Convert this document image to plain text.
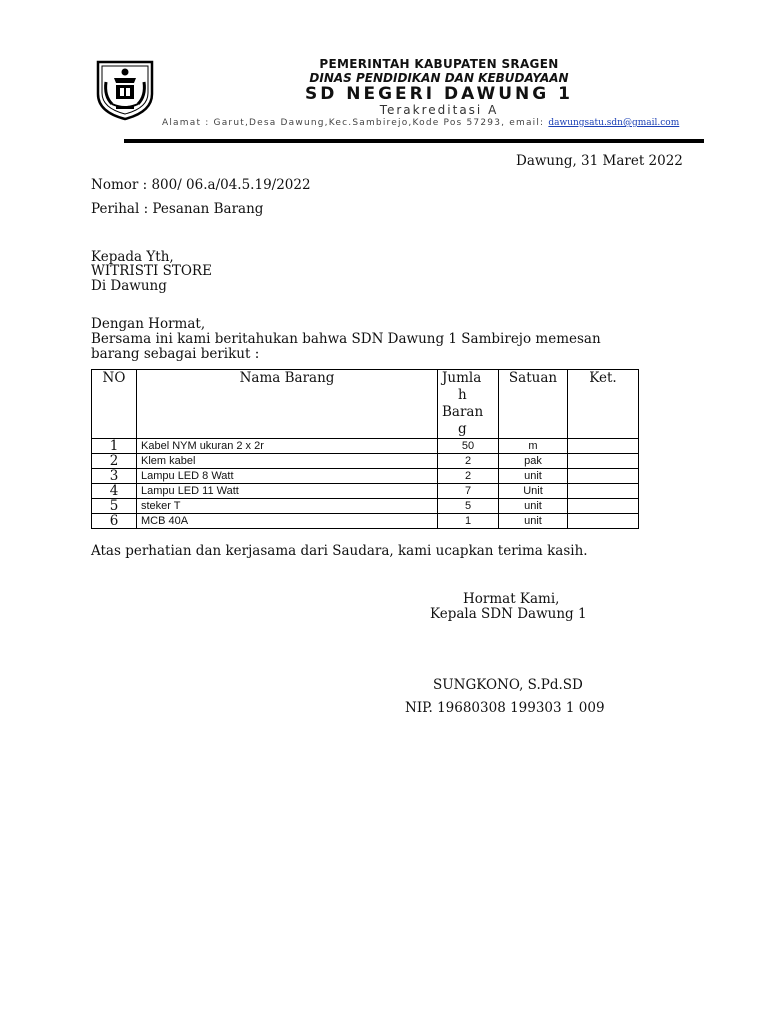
PEMERINTAH KABUPATEN SRAGEN
DINAS PENDIDIKAN DAN KEBUDAYAAN
SD NEGERI DAWUNG 1
Terakreditasi A
Alamat : Garut,Desa Dawung,Kec.Sambirejo,Kode Pos 57293, email: dawungsatu.sdn@gmail.com
Dawung, 31 Maret 2022
Nomor : 800/ 06.a/04.5.19/2022
Perihal : Pesanan Barang
Kepada Yth,
WITRISTI STORE
Di Dawung
Dengan Hormat,
Bersama ini kami beritahukan bahwa SDN Dawung 1 Sambirejo memesan
barang sebagai berikut :
NO	Nama Barang	Jumla
h
Baran
g	Satuan	Ket.
1	Kabel NYM ukuran 2 x 2r	50	m	
2	Klem kabel	2	pak	
3	Lampu LED 8 Watt	2	unit	
4	Lampu LED 11 Watt	7	Unit	
5	steker T	5	unit	
6	MCB 40A	1	unit	
Atas perhatian dan kerjasama dari Saudara, kami ucapkan terima kasih.
Hormat Kami,
Kepala SDN Dawung 1
SUNGKONO, S.Pd.SD
NIP. 19680308 199303 1 009
